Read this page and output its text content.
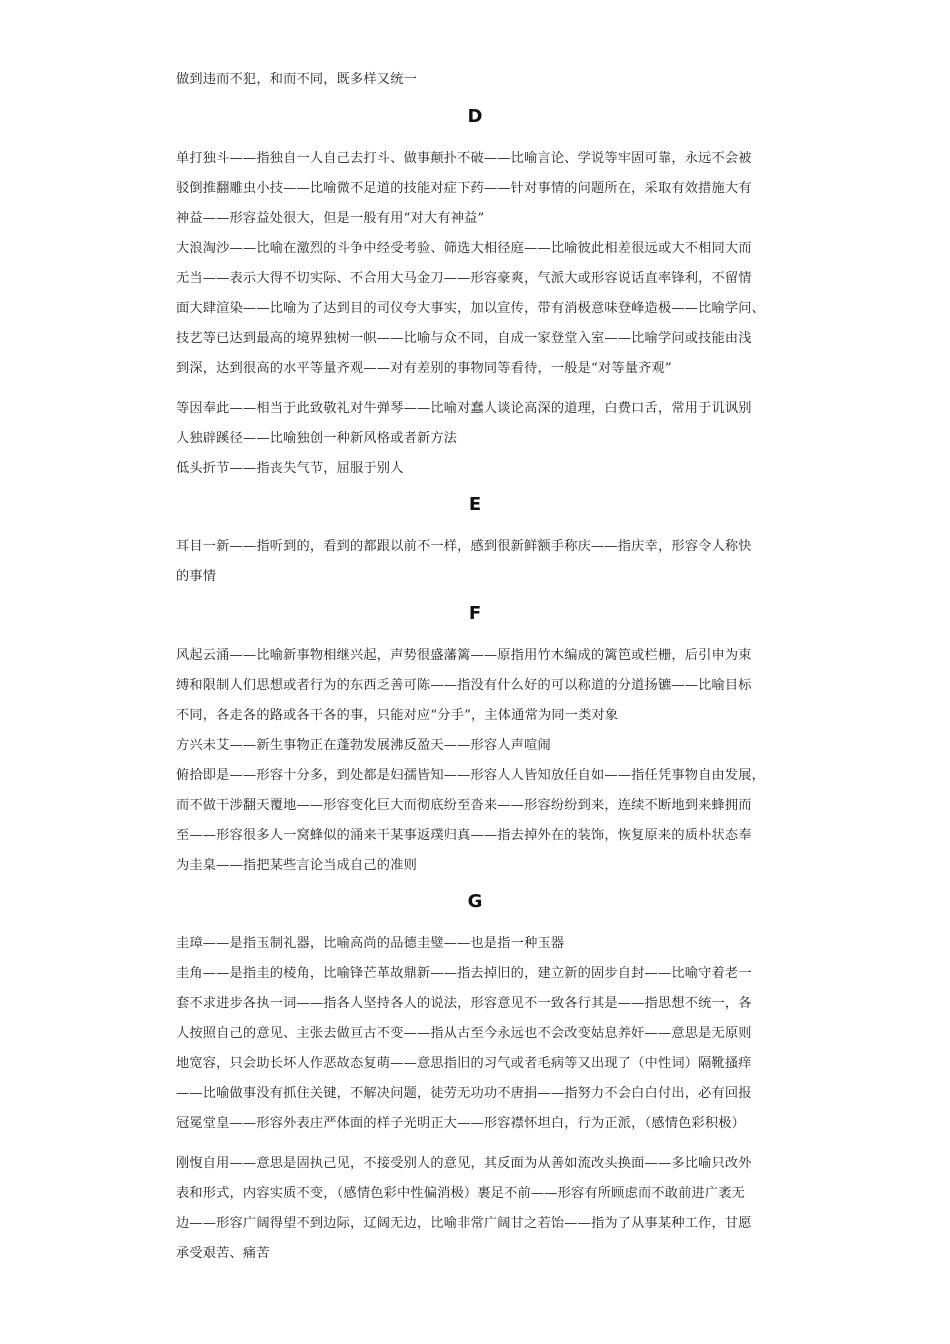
做到违而不犯，和而不同，既多样又统一
D
单打独斗——指独自一人自己去打斗、做事颠扑不破——比喻言论、学说等牢固可靠，永远不会被
驳倒推翻雕虫小技——比喻微不足道的技能对症下药——针对事情的问题所在，采取有效措施大有
神益——形容益处很大，但是一般有用“对大有神益”
大浪淘沙——比喻在激烈的斗争中经受考验、筛选大相径庭——比喻彼此相差很远或大不相同大而
无当——表示大得不切实际、不合用大马金刀——形容豪爽，气派大或形容说话直率锋利，不留情
面大肆渲染——比喻为了达到目的司仪夸大事实，加以宣传，带有消极意味登峰造极——比喻学问、
技艺等已达到最高的境界独树一帜——比喻与众不同，自成一家登堂入室——比喻学问或技能由浅
到深，达到很高的水平等量齐观——对有差别的事物同等看待，一般是“对等量齐观”
等因奉此——相当于此致敬礼对牛弹琴——比喻对蠢人谈论高深的道理，白费口舌，常用于讥讽别
人独辟蹊径——比喻独创一种新风格或者新方法
低头折节——指丧失气节，屈服于别人
E
耳目一新——指听到的，看到的都跟以前不一样，感到很新鲜额手称庆——指庆幸，形容令人称快
的事情
F
风起云涌——比喻新事物相继兴起，声势很盛藩篱——原指用竹木编成的篱笆或栏栅，后引申为束
缚和限制人们思想或者行为的东西乏善可陈——指没有什么好的可以称道的分道扬镳——比喻目标
不同，各走各的路或各干各的事，只能对应“分手”，主体通常为同一类对象
方兴未艾——新生事物正在蓬勃发展沸反盈天——形容人声喧闹
俯拾即是——形容十分多，到处都是妇孺皆知——形容人人皆知放任自如——指任凭事物自由发展，
而不做干涉翻天覆地——形容变化巨大而彻底纷至沓来——形容纷纷到来，连续不断地到来蜂拥而
至——形容很多人一窝蜂似的涌来干某事返璞归真——指去掉外在的装饰，恢复原来的质朴状态奉
为圭臬——指把某些言论当成自己的准则
G
圭璋——是指玉制礼器，比喻高尚的品德圭璧——也是指一种玉器
圭角——是指圭的棱角，比喻锋芒革故鼎新——指去掉旧的，建立新的固步自封——比喻守着老一
套不求进步各执一词——指各人坚持各人的说法，形容意见不一致各行其是——指思想不统一，各
人按照自己的意见、主张去做亘古不变——指从古至今永远也不会改变姑息养奸——意思是无原则
地宽容，只会助长坏人作恶故态复萌——意思指旧的习气或者毛病等又出现了（中性词）隔靴搔痒
——比喻做事没有抓住关键，不解决问题，徒劳无功功不唐捐——指努力不会白白付出，必有回报
冠冕堂皇——形容外表庄严体面的样子光明正大——形容襟怀坦白，行为正派，（感情色彩积极）
刚愎自用——意思是固执己见，不接受别人的意见，其反面为从善如流改头换面——多比喻只改外
表和形式，内容实质不变，（感情色彩中性偏消极）裹足不前——形容有所顾虑而不敢前进广袤无
边——形容广阔得望不到边际，辽阔无边，比喻非常广阔甘之若饴——指为了从事某种工作，甘愿
承受艰苦、痛苦
